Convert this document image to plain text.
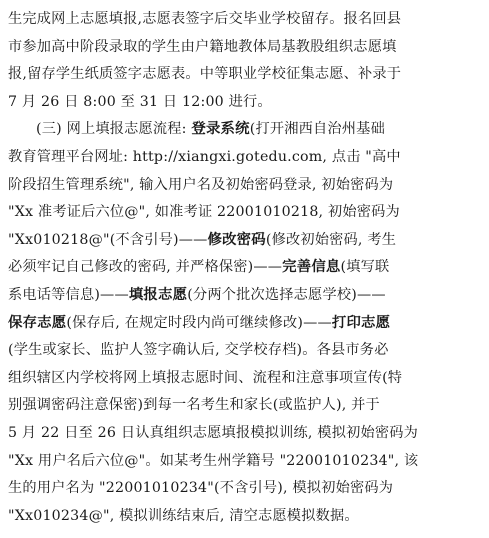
生完成网上志愿填报,志愿表签字后交毕业学校留存。报名回县
市参加高中阶段录取的学生由户籍地教体局基教股组织志愿填
报,留存学生纸质签字志愿表。中等职业学校征集志愿、补录于
7 月 26 日 8:00 至 31 日 12:00 进行。
(三) 网上填报志愿流程: 登录系统(打开湘西自治州基础
教育管理平台网址: http://xiangxi.gotedu.com, 点击 "高中
阶段招生管理系统", 输入用户名及初始密码登录, 初始密码为
"Xx 准考证后六位@", 如准考证 22001010218, 初始密码为
"Xx010218@"(不含引号)——修改密码(修改初始密码, 考生
必须牢记自己修改的密码, 并严格保密)——完善信息(填写联
系电话等信息)——填报志愿(分两个批次选择志愿学校)——
保存志愿(保存后, 在规定时段内尚可继续修改)——打印志愿
(学生或家长、监护人签字确认后, 交学校存档)。各县市务必
组织辖区内学校将网上填报志愿时间、流程和注意事项宣传(特
别强调密码注意保密)到每一名考生和家长(或监护人), 并于
5 月 22 日至 26 日认真组织志愿填报模拟训练, 模拟初始密码为
"Xx 用户名后六位@"。如某考生州学籍号 "22001010234", 该
生的用户名为 "22001010234"(不含引号), 模拟初始密码为
"Xx010234@", 模拟训练结束后, 清空志愿模拟数据。
